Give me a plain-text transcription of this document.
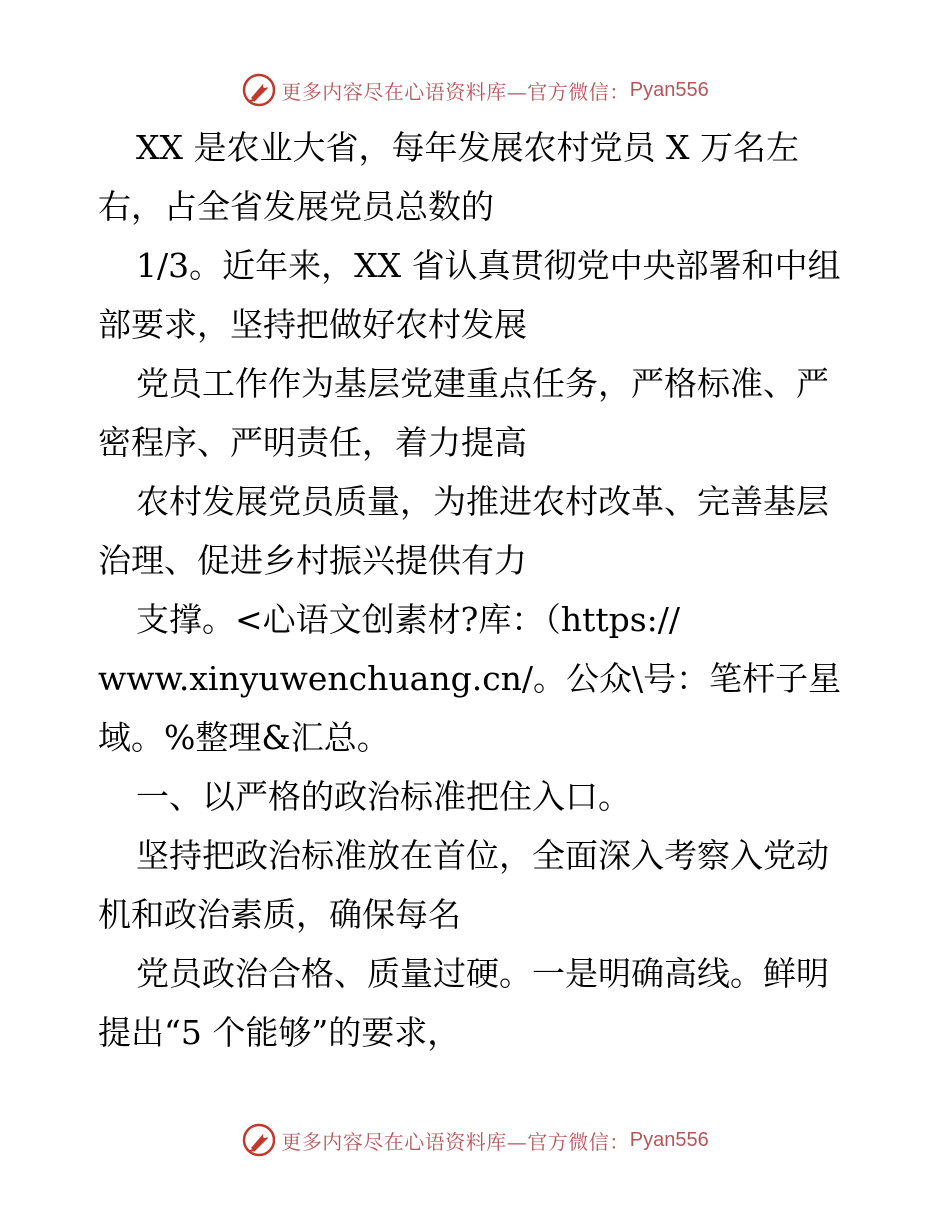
更多内容尽在心语资料库—官方微信： Pyan556
XX 是农业大省，每年发展农村党员 X 万名左
右，占全省发展党员总数的
1/3。近年来，XX 省认真贯彻党中央部署和中组
部要求，坚持把做好农村发展
党员工作作为基层党建重点任务，严格标准、严
密程序、严明责任，着力提高
农村发展党员质量，为推进农村改革、完善基层
治理、促进乡村振兴提供有力
支撑。<心语文创素材?库：（https://
www.xinyuwenchuang.cn/。公众\号：笔杆子星
域。%整理&汇总。
一、以严格的政治标准把住入口。
坚持把政治标准放在首位，全面深入考察入党动
机和政治素质，确保每名
党员政治合格、质量过硬。一是明确高线。鲜明
提出“5 个能够”的要求，
更多内容尽在心语资料库—官方微信： Pyan556
